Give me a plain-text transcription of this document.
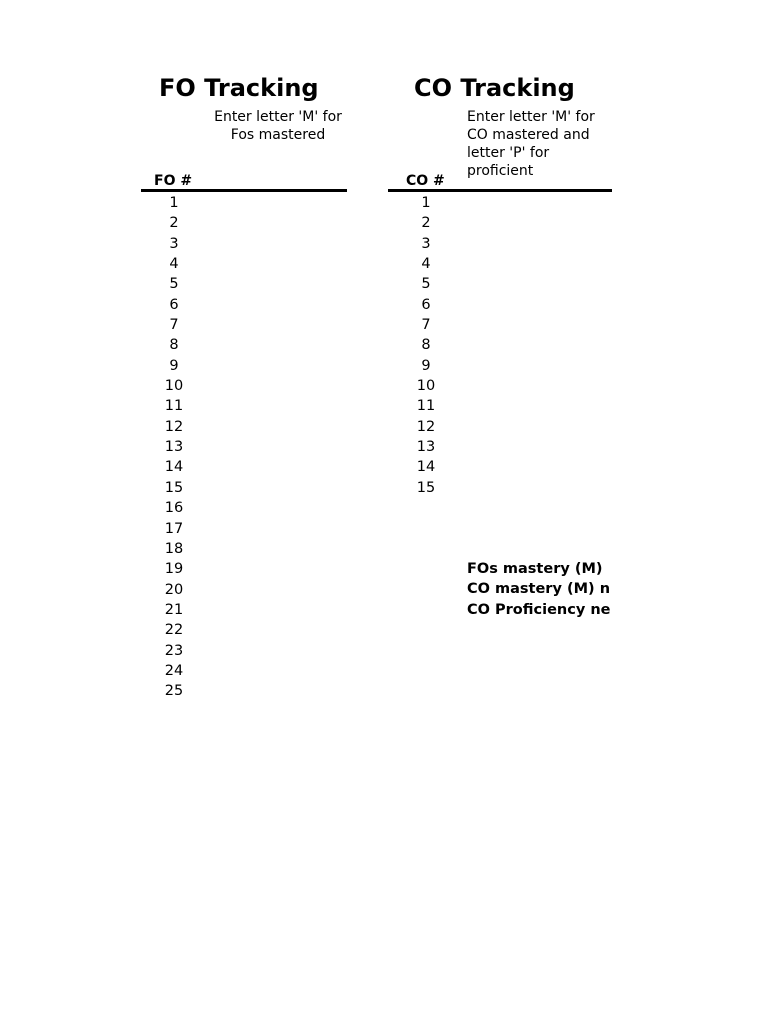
FO Tracking	CO Tracking
Enter letter 'M' for Fos mastered
Enter letter 'M' for CO mastered and letter 'P' for proficient
FO #	CO #
1
2
3
4
5
6
7
8
9
10
11
12
13
14
15
16
17
18
19
20
21
22
23
24
25
1
2
3
4
5
6
7
8
9
10
11
12
13
14
15
FOs mastery (M)
CO mastery (M) n
CO Proficiency ne
